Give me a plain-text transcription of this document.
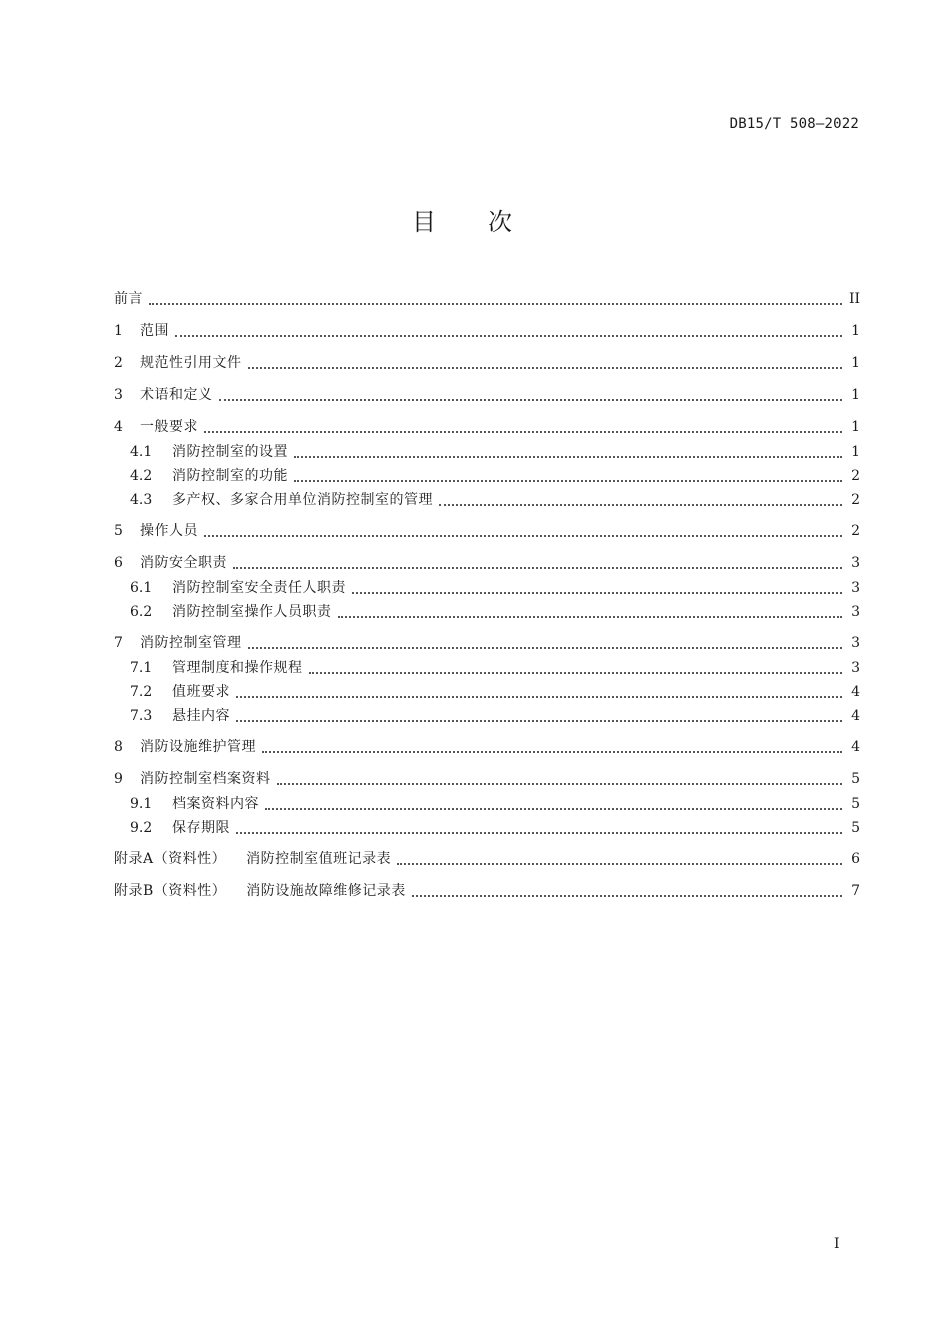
DB15/T 508—2022
目次
前言	II
1	范围	1
2	规范性引用文件	1
3	术语和定义	1
4	一般要求	1
4.1	消防控制室的设置	1
4.2	消防控制室的功能	2
4.3	多产权、多家合用单位消防控制室的管理	2
5	操作人员	2
6	消防安全职责	3
6.1	消防控制室安全责任人职责	3
6.2	消防控制室操作人员职责	3
7	消防控制室管理	3
7.1	管理制度和操作规程	3
7.2	值班要求	4
7.3	悬挂内容	4
8	消防设施维护管理	4
9	消防控制室档案资料	5
9.1	档案资料内容	5
9.2	保存期限	5
附录A（资料性） 消防控制室值班记录表	6
附录B（资料性） 消防设施故障维修记录表	7
I
